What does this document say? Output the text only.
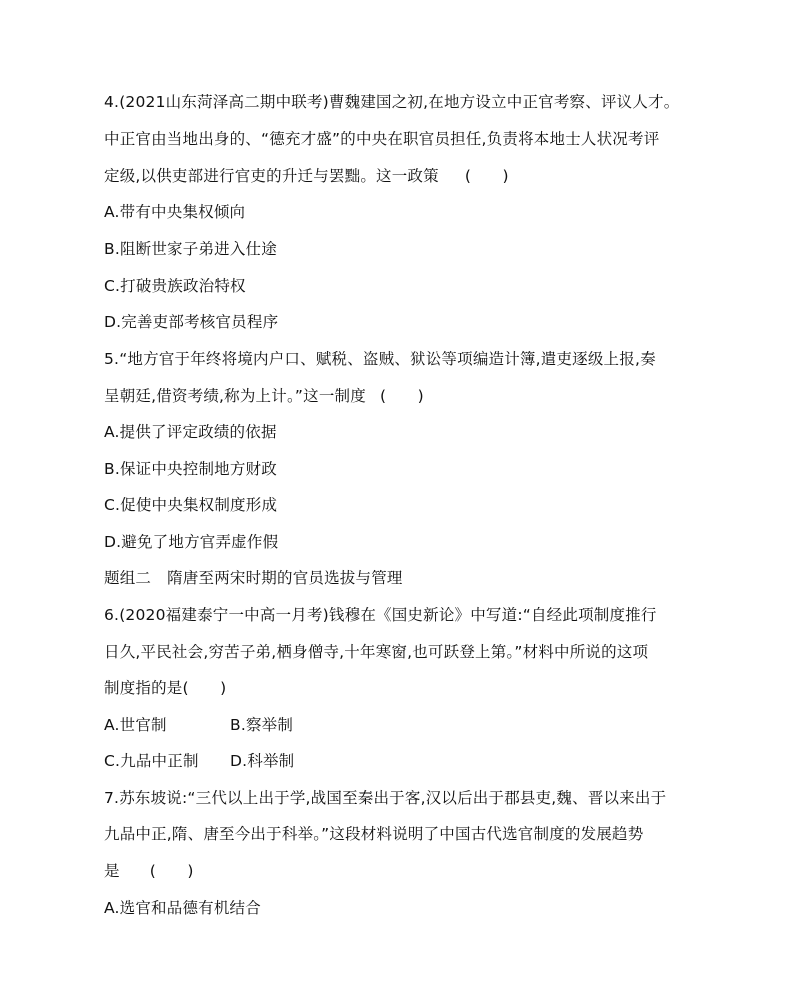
4.(2021山东菏泽高二期中联考)曹魏建国之初,在地方设立中正官考察、评议人才。
中正官由当地出身的、“德充才盛”的中央在职官员担任,负责将本地士人状况考评
定级,以供吏部进行官吏的升迁与罢黜。这一政策 (　　)
A.带有中央集权倾向
B.阻断世家子弟进入仕途
C.打破贵族政治特权
D.完善吏部考核官员程序
5.“地方官于年终将境内户口、赋税、盗贼、狱讼等项编造计簿,遣吏逐级上报,奏
呈朝廷,借资考绩,称为上计。”这一制度 (　　)
A.提供了评定政绩的依据
B.保证中央控制地方财政
C.促使中央集权制度形成
D.避免了地方官弄虚作假
题组二 隋唐至两宋时期的官员选拔与管理
6.(2020福建泰宁一中高一月考)钱穆在《国史新论》中写道:“自经此项制度推行
日久,平民社会,穷苦子弟,栖身僧寺,十年寒窗,也可跃登上第。”材料中所说的这项
制度指的是(　　)
A.世官制	B.察举制
C.九品中正制 D.科举制
7.苏东坡说:“三代以上出于学,战国至秦出于客,汉以后出于郡县吏,魏、晋以来出于
九品中正,隋、唐至今出于科举。”这段材料说明了中国古代选官制度的发展趋势
是 (　　)
A.选官和品德有机结合
